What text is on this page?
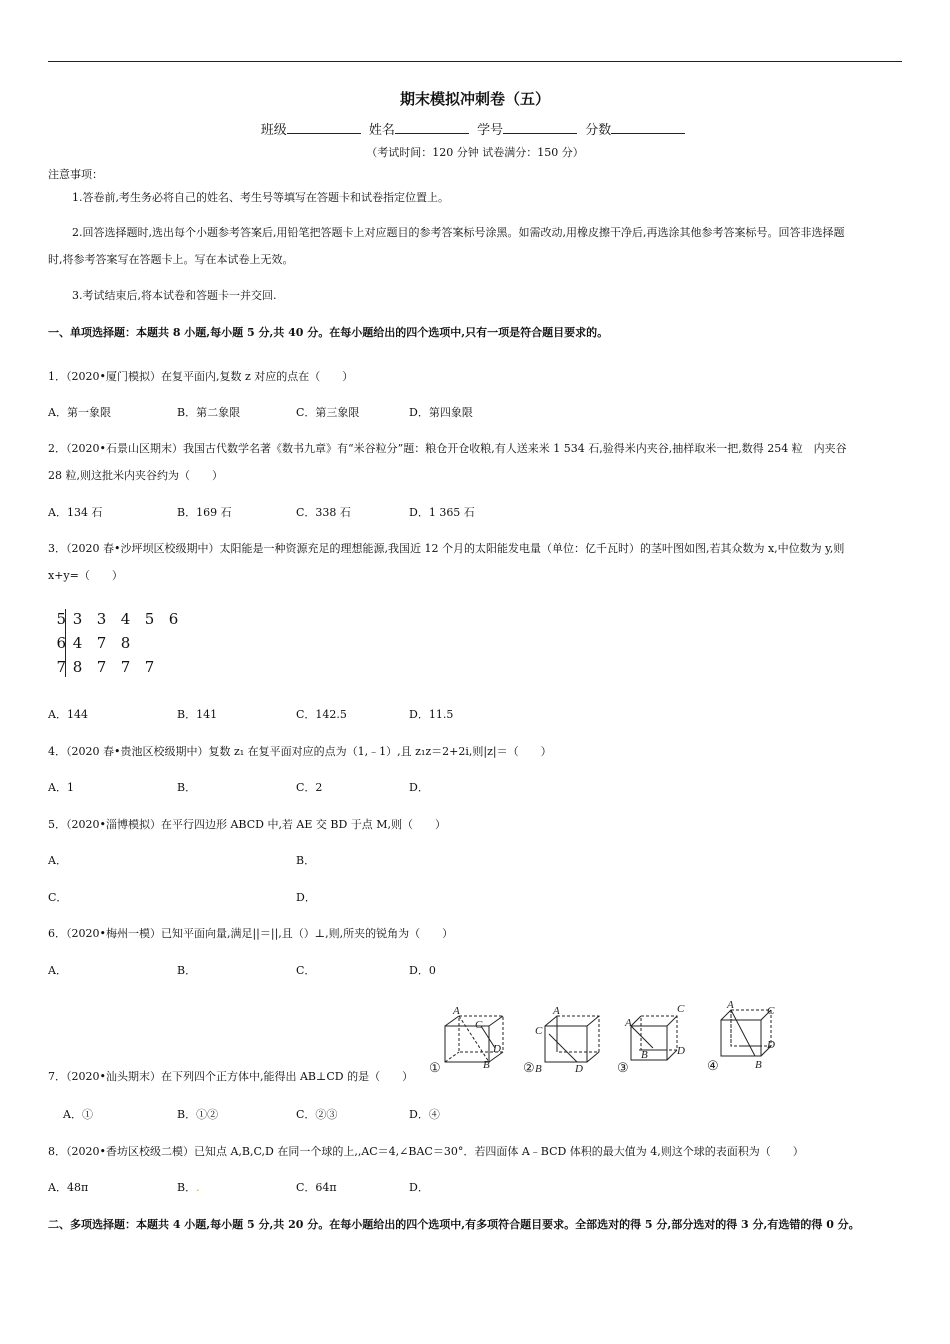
期末模拟冲刺卷（五）
班级	姓名	学号	分数
（考试时间：120 分钟 试卷满分：150 分）
注意事项：
1.答卷前,考生务必将自己的姓名、考生号等填写在答题卡和试卷指定位置上。
2.回答选择题时,选出每个小题参考答案后,用铅笔把答题卡上对应题目的参考答案标号涂黑。如需改动,用橡皮擦干净后,再选涂其他参考答案标号。回答非选择题
时,将参考答案写在答题卡上。写在本试卷上无效。
3.考试结束后,将本试卷和答题卡一并交回.
一、单项选择题：本题共 8 小题,每小题 5 分,共 40 分。在每小题给出的四个选项中,只有一项是符合题目要求的。
1．（2020•厦门模拟）在复平面内,复数 z 对应的点在（　　）
A．第一象限	B．第二象限	C．第三象限	D．第四象限
2．（2020•石景山区期末）我国古代数学名著《数书九章》有“米谷粒分”题：粮仓开仓收粮,有人送来米 1 534 石,验得米内夹谷,抽样取米一把,数得 254 粒　内夹谷
28 粒,则这批米内夹谷约为（　　）
A．134 石	B．169 石	C．338 石	D．1 365 石
3．（2020 春•沙坪坝区校级期中）太阳能是一种资源充足的理想能源,我国近 12 个月的太阳能发电量（单位：亿千瓦时）的茎叶图如图,若其众数为 x,中位数为 y,则
x+y=（　　）
5 3 3 4 5 6
6 4 7 8
7 8 7 7 7
A．144	B．141	C．142.5	D．11.5
4．（2020 春•贵池区校级期中）复数 z₁ 在复平面对应的点为（1,﹣1）,且 z₁z＝2+2i,则|z|＝（　　）
A．1	B．	C．2	D．
5．（2020•淄博模拟）在平行四边形 ABCD 中,若 AE 交 BD 于点 M,则（　　）
A．	B．
C．	D．
6．（2020•梅州一模）已知平面向量,满足||＝||,且（）⊥,则,所夹的锐角为（　　）
A．	B．	C．	D．0
7．（2020•汕头期末）在下列四个正方体中,能得出 AB⊥CD 的是（　　）
A
B
C
D
①
A
B
C
D
②
C
A
B	D
③
A	C
B
D
④
A．①	B．①②	C．②③	D．④
8．（2020•香坊区校级二模）已知点 A,B,C,D 在同一个球的上,,AC＝4,∠BAC＝30°．若四面体 A﹣BCD 体积的最大值为 4,则这个球的表面积为（　　）
A．48π	B．.	C．64π	D．
二、多项选择题：本题共 4 小题,每小题 5 分,共 20 分。在每小题给出的四个选项中,有多项符合题目要求。全部选对的得 5 分,部分选对的得 3 分,有选错的得 0 分。
